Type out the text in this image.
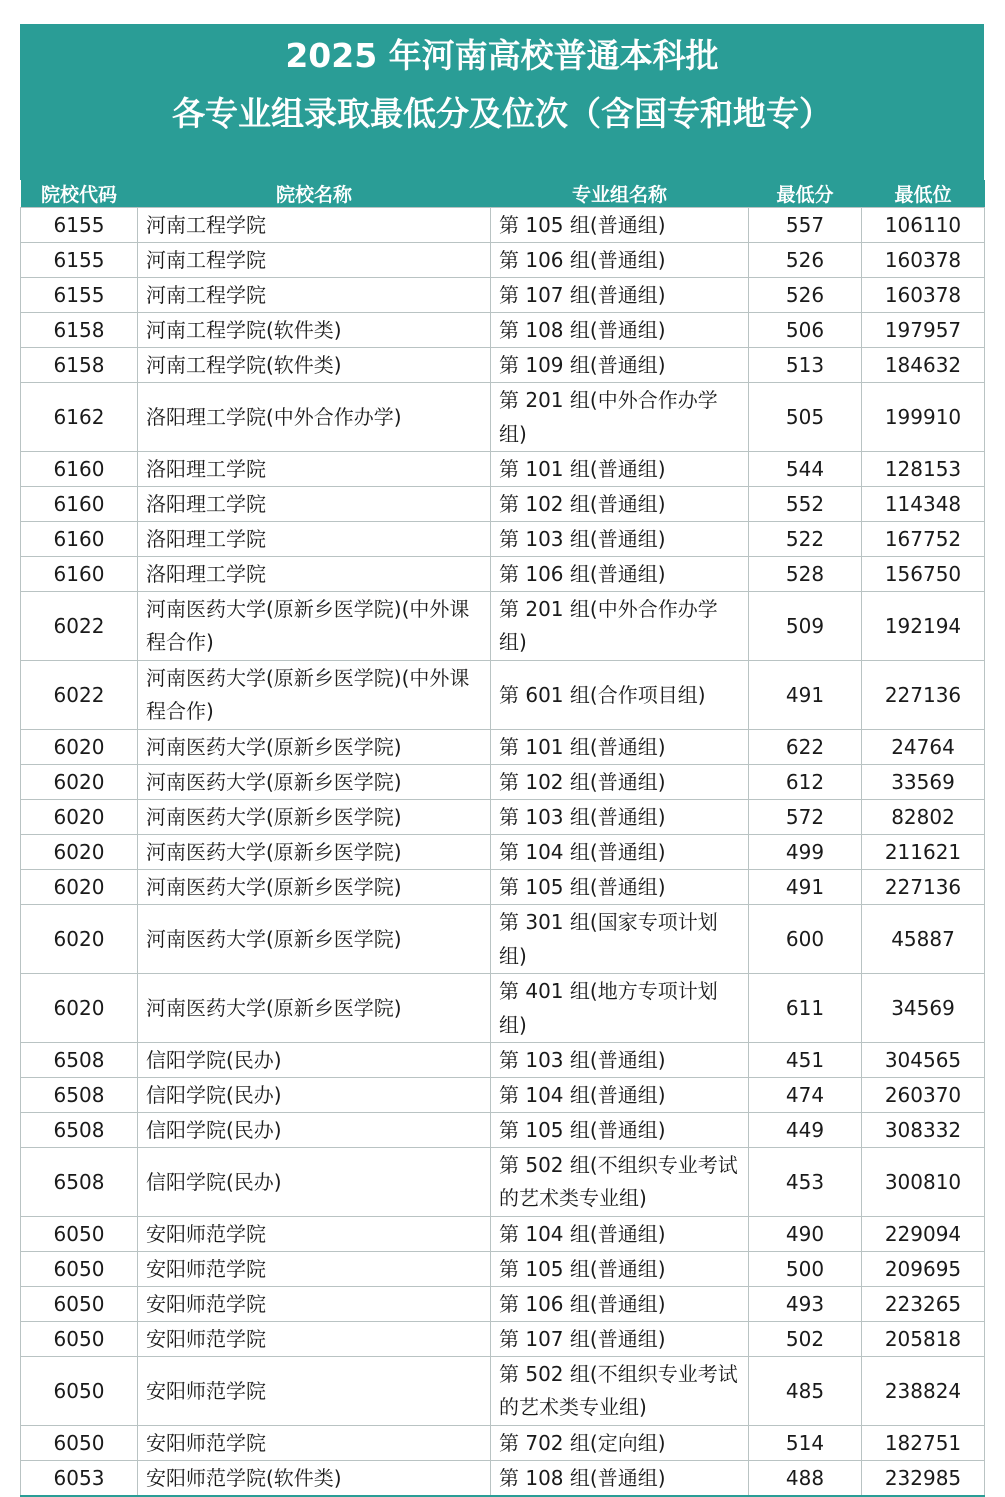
2025 年河南高校普通本科批
各专业组录取最低分及位次（含国专和地专）
院校代码	院校名称	专业组名称	最低分	最低位
6155	河南工程学院	第 105 组(普通组)	557	106110
6155	河南工程学院	第 106 组(普通组)	526	160378
6155	河南工程学院	第 107 组(普通组)	526	160378
6158	河南工程学院(软件类)	第 108 组(普通组)	506	197957
6158	河南工程学院(软件类)	第 109 组(普通组)	513	184632
6162	洛阳理工学院(中外合作办学)	第 201 组(中外合作办学组)	505	199910
6160	洛阳理工学院	第 101 组(普通组)	544	128153
6160	洛阳理工学院	第 102 组(普通组)	552	114348
6160	洛阳理工学院	第 103 组(普通组)	522	167752
6160	洛阳理工学院	第 106 组(普通组)	528	156750
6022	河南医药大学(原新乡医学院)(中外课程合作)	第 201 组(中外合作办学组)	509	192194
6022	河南医药大学(原新乡医学院)(中外课程合作)	第 601 组(合作项目组)	491	227136
6020	河南医药大学(原新乡医学院)	第 101 组(普通组)	622	24764
6020	河南医药大学(原新乡医学院)	第 102 组(普通组)	612	33569
6020	河南医药大学(原新乡医学院)	第 103 组(普通组)	572	82802
6020	河南医药大学(原新乡医学院)	第 104 组(普通组)	499	211621
6020	河南医药大学(原新乡医学院)	第 105 组(普通组)	491	227136
6020	河南医药大学(原新乡医学院)	第 301 组(国家专项计划组)	600	45887
6020	河南医药大学(原新乡医学院)	第 401 组(地方专项计划组)	611	34569
6508	信阳学院(民办)	第 103 组(普通组)	451	304565
6508	信阳学院(民办)	第 104 组(普通组)	474	260370
6508	信阳学院(民办)	第 105 组(普通组)	449	308332
6508	信阳学院(民办)	第 502 组(不组织专业考试的艺术类专业组)	453	300810
6050	安阳师范学院	第 104 组(普通组)	490	229094
6050	安阳师范学院	第 105 组(普通组)	500	209695
6050	安阳师范学院	第 106 组(普通组)	493	223265
6050	安阳师范学院	第 107 组(普通组)	502	205818
6050	安阳师范学院	第 502 组(不组织专业考试的艺术类专业组)	485	238824
6050	安阳师范学院	第 702 组(定向组)	514	182751
6053	安阳师范学院(软件类)	第 108 组(普通组)	488	232985
